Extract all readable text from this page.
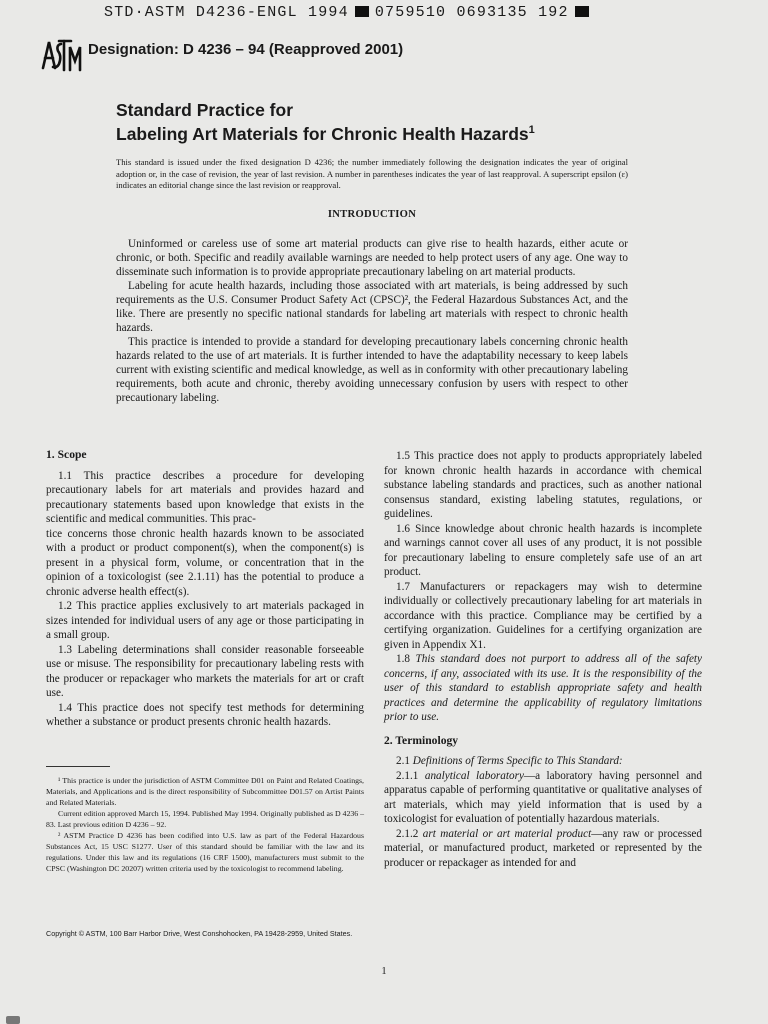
STD·ASTM D4236-ENGL 1994 0759510 0693135 192
Designation: D 4236 – 94 (Reapproved 2001)
Standard Practice for
Labeling Art Materials for Chronic Health Hazards$^1$
This standard is issued under the fixed designation D 4236; the number immediately following the designation indicates the year of original adoption or, in the case of revision, the year of last revision. A number in parentheses indicates the year of last reapproval. A superscript epsilon (ε) indicates an editorial change since the last revision or reapproval.
INTRODUCTION

Uninformed or careless use of some art material products can give rise to health hazards, either acute or chronic, or both. Specific and readily available warnings are needed to help protect users of any age. One way to disseminate such information is to provide appropriate precautionary labeling on art material products.

Labeling for acute health hazards, including those associated with art materials, is being addressed by such requirements as the U.S. Consumer Product Safety Act (CPSC)², the Federal Hazardous Substances Act, and the like. There are presently no specific national standards for labeling art materials with respect to chronic health hazards.

This practice is intended to provide a standard for developing precautionary labels concerning chronic health hazards related to the use of art materials. It is further intended to have the adaptability necessary to keep labels current with existing scientific and medical knowledge, as well as in conformity with other precautionary labeling requirements, both acute and chronic, thereby avoiding unnecessary confusion by users with respect to other precautionary labeling.

1. Scope

1.1 This practice describes a procedure for developing precautionary labels for art materials and provides hazard and precautionary statements based upon knowledge that exists in the scientific and medical communities. This prac-

tice concerns those chronic health hazards known to be associated with a product or product component(s), when the component(s) is present in a physical form, volume, or concentration that in the opinion of a toxicologist (see 2.1.11) has the potential to produce a chronic adverse health effect(s).

1.2 This practice applies exclusively to art materials packaged in sizes intended for individual users of any age or those participating in a small group.

1.3 Labeling determinations shall consider reasonable forseeable use or misuse. The responsibility for precautionary labeling rests with the producer or repackager who markets the materials for art or craft use.

1.4 This practice does not specify test methods for determining whether a substance or product presents chronic health hazards.

1.5 This practice does not apply to products appropriately labeled for known chronic health hazards in accordance with chemical substance labeling standards and practices, such as another national consensus standard, existing labeling statutes, regulations, or guidelines.

1.6 Since knowledge about chronic health hazards is incomplete and warnings cannot cover all uses of any product, it is not possible for precautionary labeling to ensure completely safe use of an art product.

1.7 Manufacturers or repackagers may wish to determine individually or collectively precautionary labeling for art materials in accordance with this practice. Compliance may be certified by a certifying organization. Guidelines for a certifying organization are given in Appendix X1.

1.8 This standard does not purport to address all of the safety concerns, if any, associated with its use. It is the responsibility of the user of this standard to establish appropriate safety and health practices and determine the applicability of regulatory limitations prior to use.

2. Terminology

2.1 Definitions of Terms Specific to This Standard:

2.1.1 analytical laboratory—a laboratory having personnel and apparatus capable of performing quantitative or qualitative analyses of art materials, which may yield information that is used by a toxicologist for evaluation of potentially hazardous materials.

2.1.2 art material or art material product—any raw or processed material, or manufactured product, marketed or represented by the producer or repackager as intended for and

¹ This practice is under the jurisdiction of ASTM Committee D01 on Paint and Related Coatings, Materials, and Applications and is the direct responsibility of Subcommittee D01.57 on Artist Paints and Related Materials.

Current edition approved March 15, 1994. Published May 1994. Originally published as D 4236 – 83. Last previous edition D 4236 – 92.

² ASTM Practice D 4236 has been codified into U.S. law as part of the Federal Hazardous Substances Act, 15 USC S1277. User of this standard should be familiar with the law and its regulations. Under this law and its regulations (16 CRF 1500), manufacturers must submit to the CPSC (Washington DC 20207) written criteria used by the toxicologist to recommend labeling.

Copyright © ASTM, 100 Barr Harbor Drive, West Conshohocken, PA 19428-2959, United States.
1
